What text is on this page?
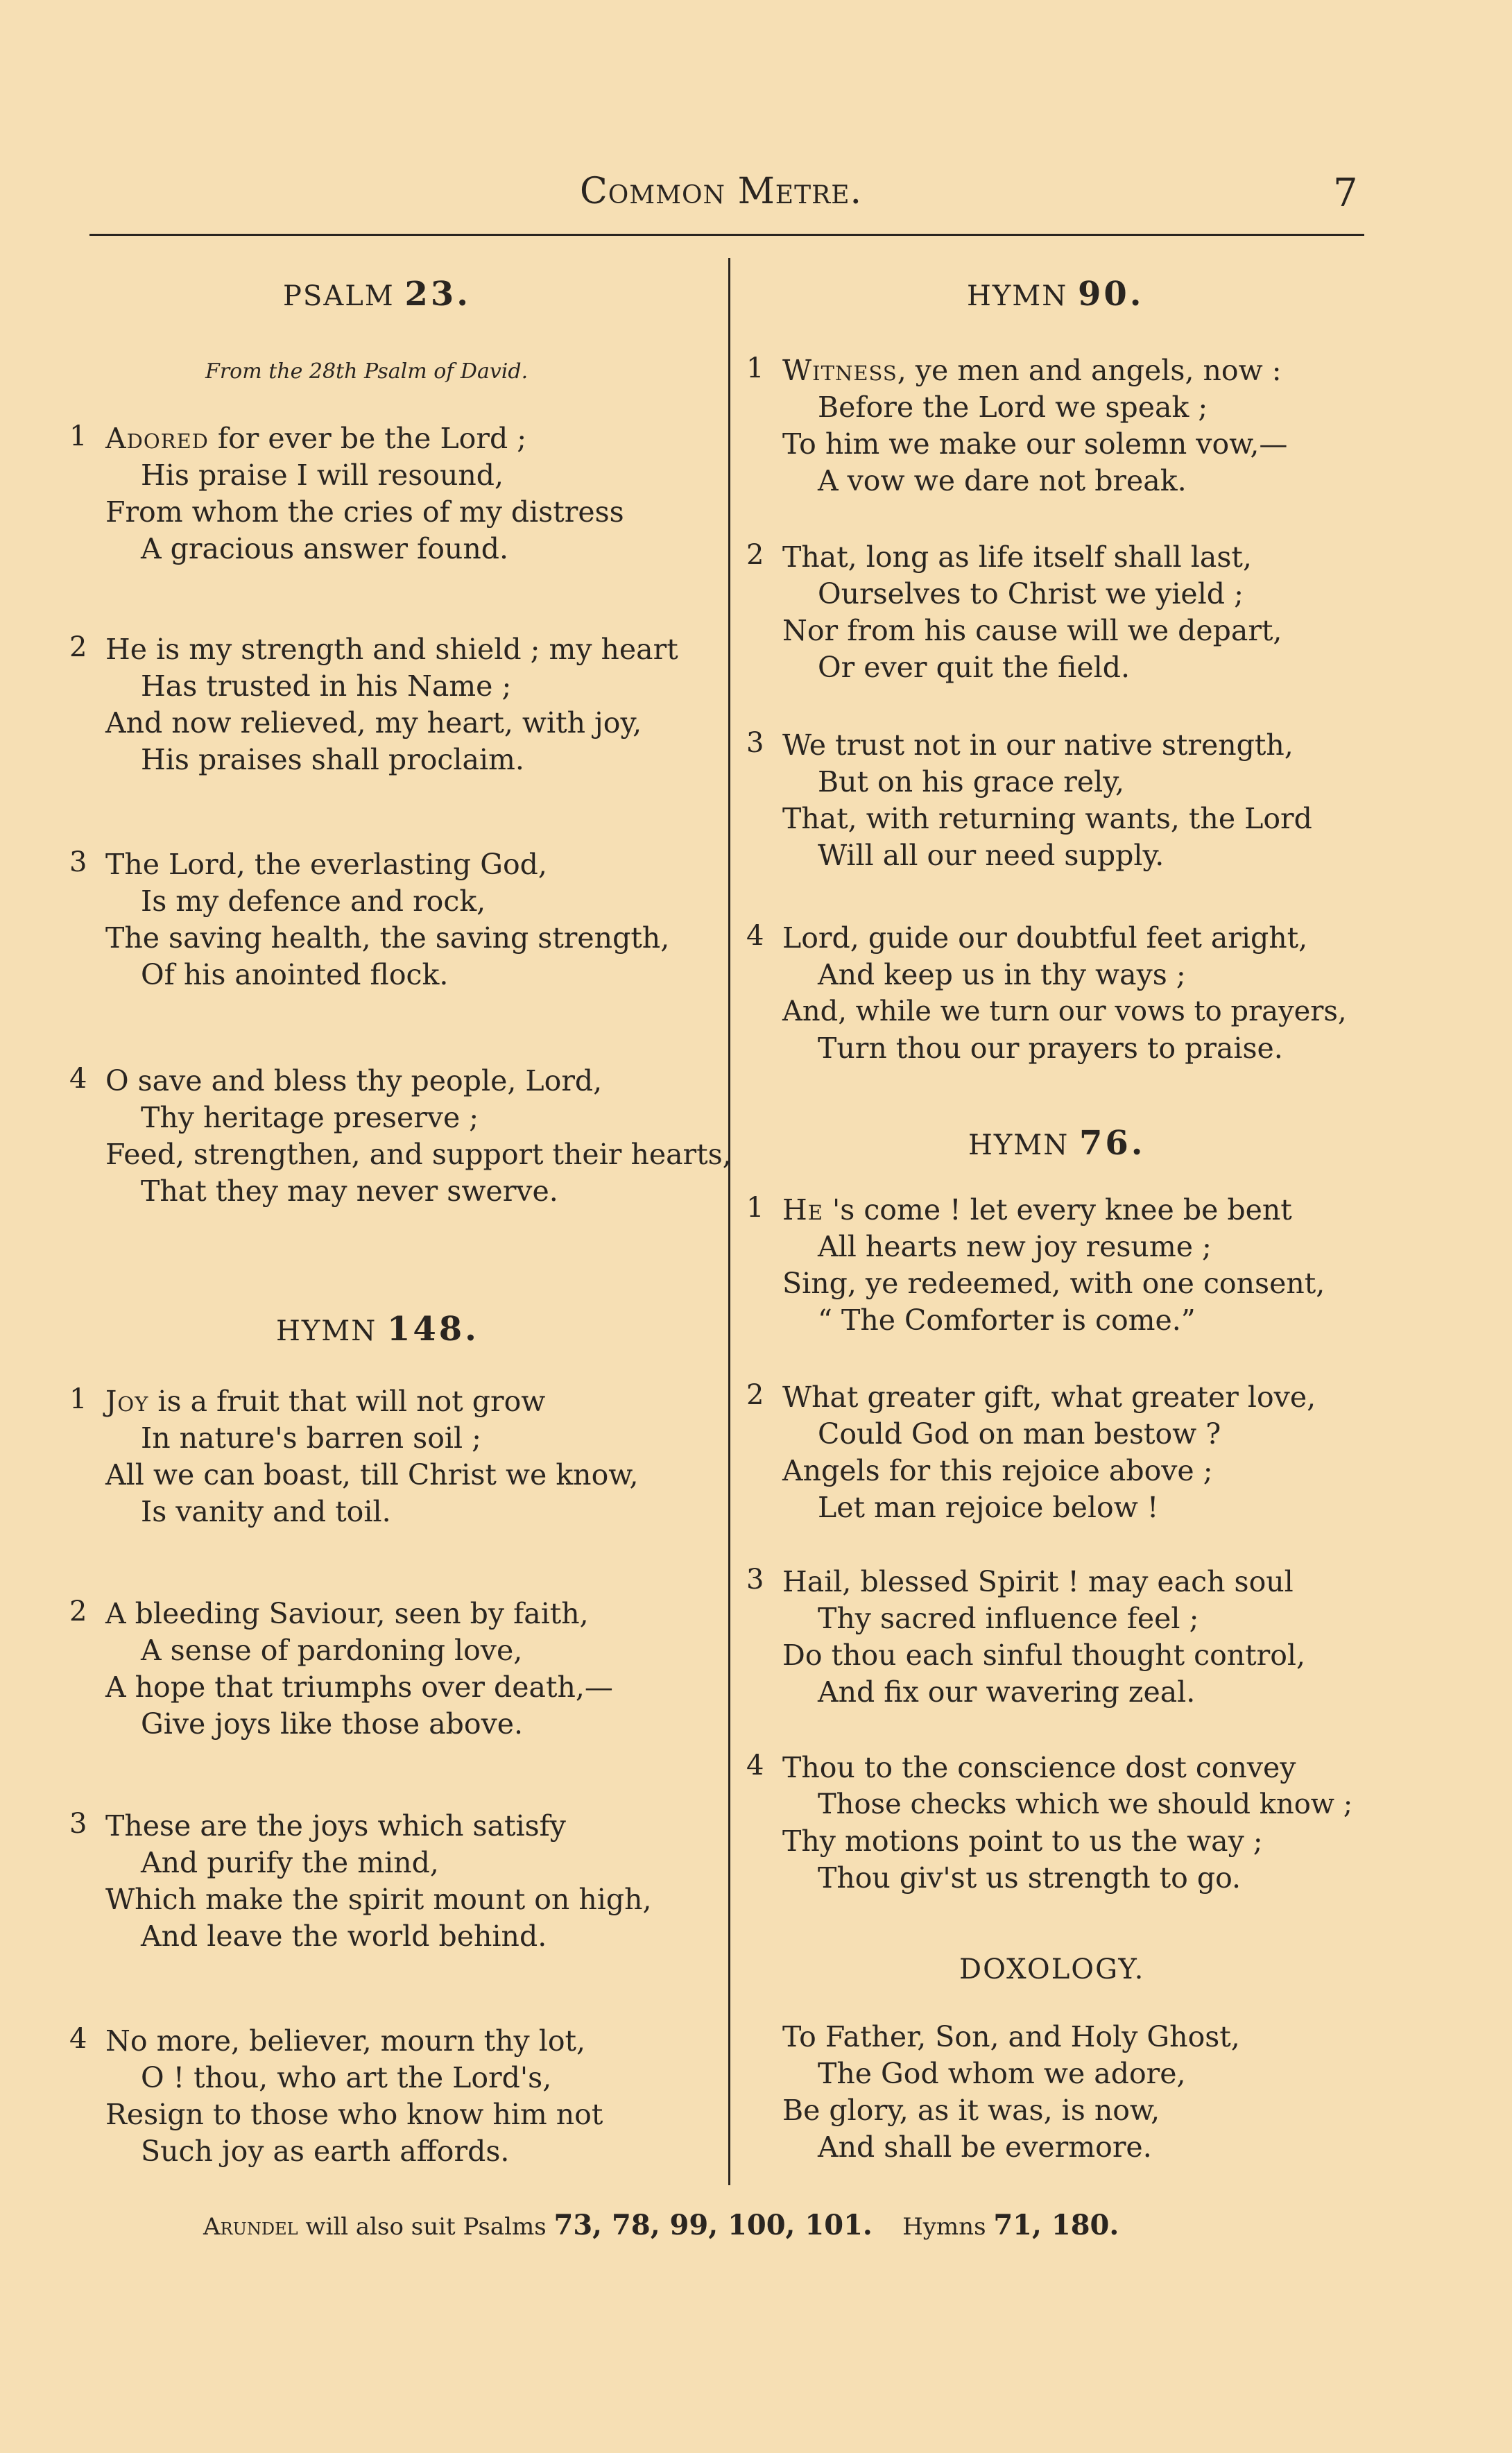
Common Metre.	7
PSALM 23.
From the 28th Psalm of David.
1 Adored for ever be the Lord ;
His praise I will resound,
From whom the cries of my distress
A gracious answer found.
2 He is my strength and shield ; my heart
Has trusted in his Name ;
And now relieved, my heart, with joy,
His praises shall proclaim.
3 The Lord, the everlasting God,
Is my defence and rock,
The saving health, the saving strength,
Of his anointed flock.
4 O save and bless thy people, Lord,
Thy heritage preserve ;
Feed, strengthen, and support their hearts,
That they may never swerve.
HYMN 148.
1 Joy is a fruit that will not grow
In nature's barren soil ;
All we can boast, till Christ we know,
Is vanity and toil.
2 A bleeding Saviour, seen by faith,
A sense of pardoning love,
A hope that triumphs over death,—
Give joys like those above.
3 These are the joys which satisfy
And purify the mind,
Which make the spirit mount on high,
And leave the world behind.
4 No more, believer, mourn thy lot,
O ! thou, who art the Lord's,
Resign to those who know him not
Such joy as earth affords.
HYMN 90.
1 Witness, ye men and angels, now :
Before the Lord we speak ;
To him we make our solemn vow,—
A vow we dare not break.
2 That, long as life itself shall last,
Ourselves to Christ we yield ;
Nor from his cause will we depart,
Or ever quit the field.
3 We trust not in our native strength,
But on his grace rely,
That, with returning wants, the Lord
Will all our need supply.
4 Lord, guide our doubtful feet aright,
And keep us in thy ways ;
And, while we turn our vows to prayers,
Turn thou our prayers to praise.
HYMN 76.
1 He 's come ! let every knee be bent
All hearts new joy resume ;
Sing, ye redeemed, with one consent,
“ The Comforter is come.”
2 What greater gift, what greater love,
Could God on man bestow ?
Angels for this rejoice above ;
Let man rejoice below !
3 Hail, blessed Spirit ! may each soul
Thy sacred influence feel ;
Do thou each sinful thought control,
And fix our wavering zeal.
4 Thou to the conscience dost convey
Those checks which we should know ;
Thy motions point to us the way ;
Thou giv'st us strength to go.
DOXOLOGY.
To Father, Son, and Holy Ghost,
The God whom we adore,
Be glory, as it was, is now,
And shall be evermore.
Arundel will also suit Psalms 73, 78, 99, 100, 101. Hymns 71, 180.
